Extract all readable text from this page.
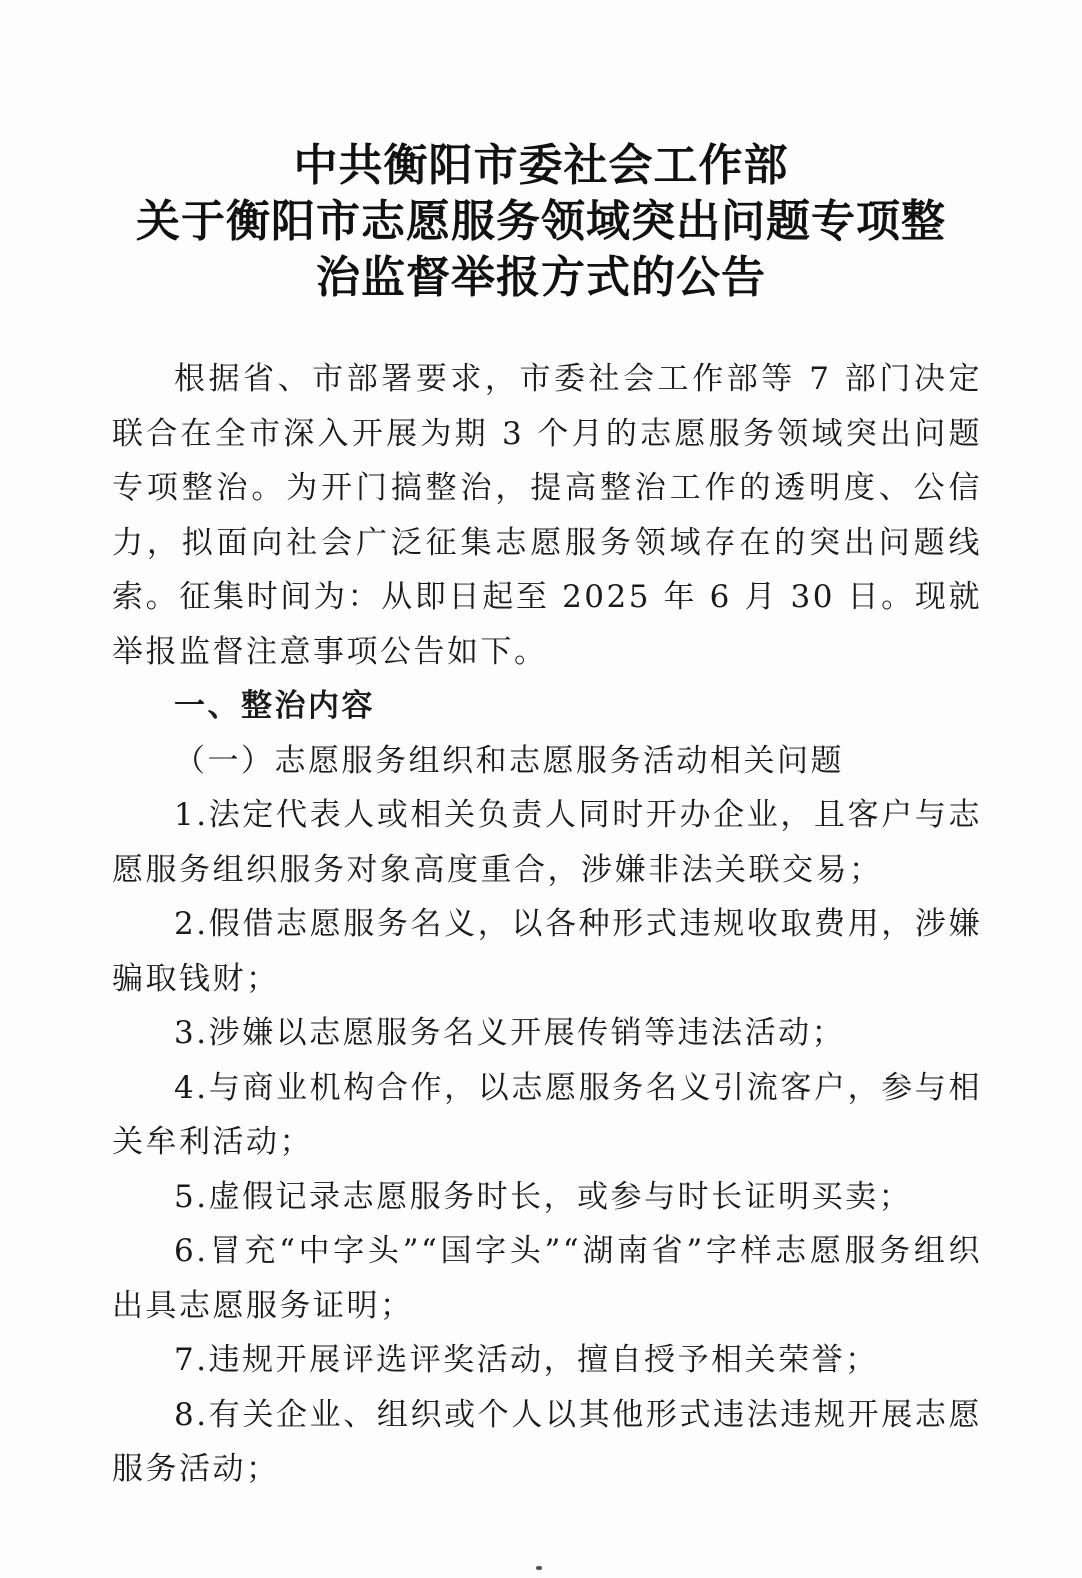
中共衡阳市委社会工作部
关于衡阳市志愿服务领域突出问题专项整
治监督举报方式的公告

根据省、市部署要求，市委社会工作部等 7 部门决定联合在全市深入开展为期 3 个月的志愿服务领域突出问题专项整治。为开门搞整治，提高整治工作的透明度、公信力，拟面向社会广泛征集志愿服务领域存在的突出问题线索。征集时间为：从即日起至 2025 年 6 月 30 日。现就举报监督注意事项公告如下。

一、整治内容

（一）志愿服务组织和志愿服务活动相关问题

1.法定代表人或相关负责人同时开办企业，且客户与志愿服务组织服务对象高度重合，涉嫌非法关联交易；

2.假借志愿服务名义，以各种形式违规收取费用，涉嫌骗取钱财；

3.涉嫌以志愿服务名义开展传销等违法活动；

4.与商业机构合作，以志愿服务名义引流客户，参与相关牟利活动；

5.虚假记录志愿服务时长，或参与时长证明买卖；

6.冒充“中字头”“国字头”“湖南省”字样志愿服务组织出具志愿服务证明；

7.违规开展评选评奖活动，擅自授予相关荣誉；

8.有关企业、组织或个人以其他形式违法违规开展志愿服务活动；
